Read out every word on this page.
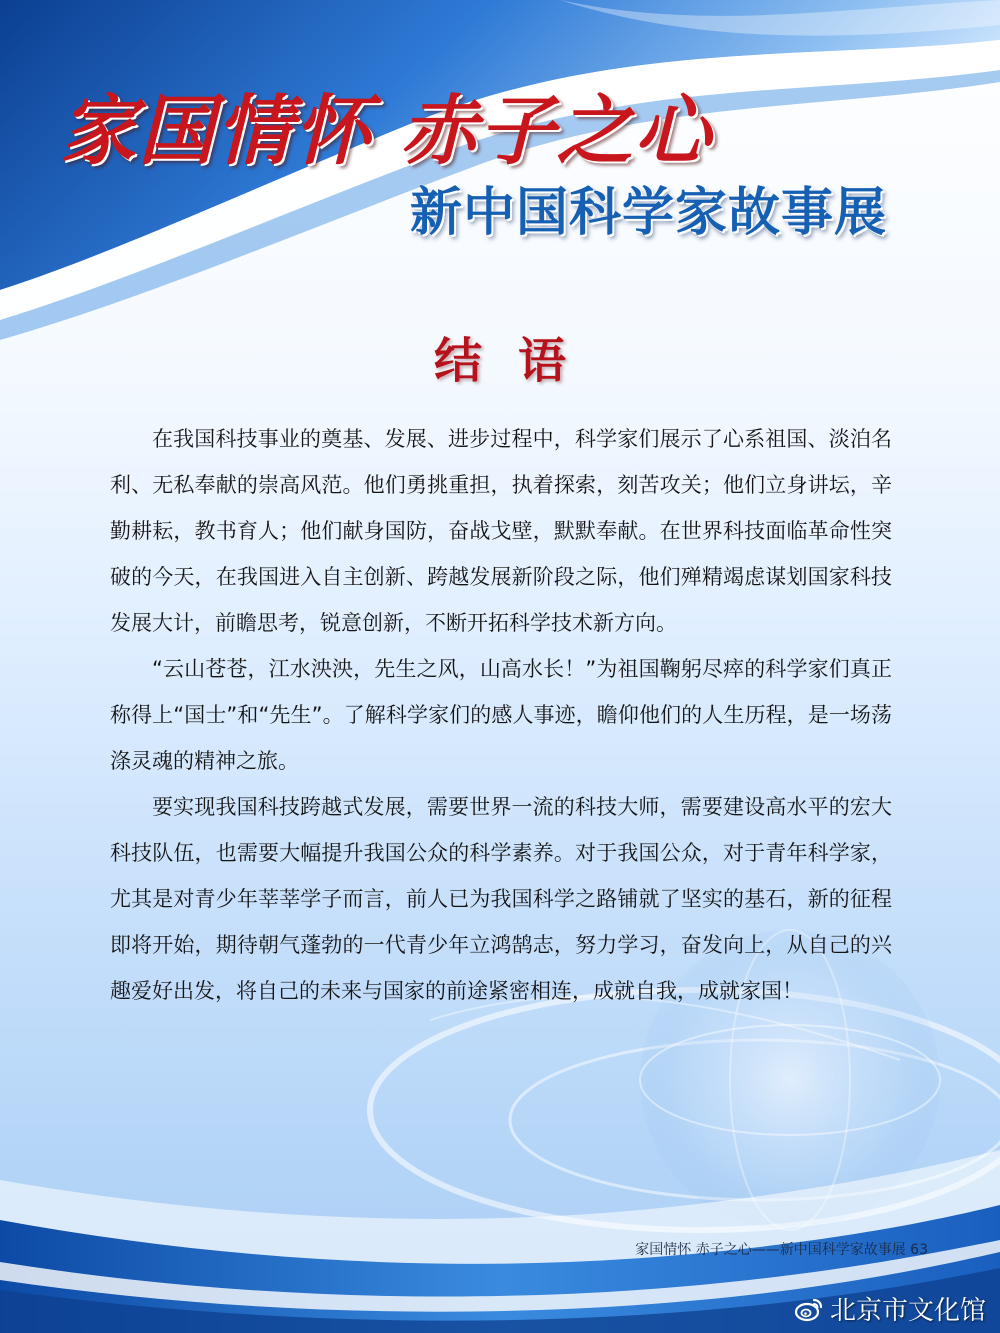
家国情怀 赤子之心
新中国科学家故事展
结语

在我国科技事业的奠基、发展、进步过程中，科学家们展示了心系祖国、淡泊名利、无私奉献的崇高风范。他们勇挑重担，执着探索，刻苦攻关；他们立身讲坛，辛勤耕耘，教书育人；他们献身国防，奋战戈壁，默默奉献。在世界科技面临革命性突破的今天，在我国进入自主创新、跨越发展新阶段之际，他们殚精竭虑谋划国家科技发展大计，前瞻思考，锐意创新，不断开拓科学技术新方向。

“云山苍苍，江水泱泱，先生之风，山高水长！”为祖国鞠躬尽瘁的科学家们真正称得上“国士”和“先生”。了解科学家们的感人事迹，瞻仰他们的人生历程，是一场荡涤灵魂的精神之旅。

要实现我国科技跨越式发展，需要世界一流的科技大师，需要建设高水平的宏大科技队伍，也需要大幅提升我国公众的科学素养。对于我国公众，对于青年科学家，尤其是对青少年莘莘学子而言，前人已为我国科学之路铺就了坚实的基石，新的征程即将开始，期待朝气蓬勃的一代青少年立鸿鹄志，努力学习，奋发向上，从自己的兴趣爱好出发，将自己的未来与国家的前途紧密相连，成就自我，成就家国！

家国情怀 赤子之心——新中国科学家故事展 63
北京市文化馆
